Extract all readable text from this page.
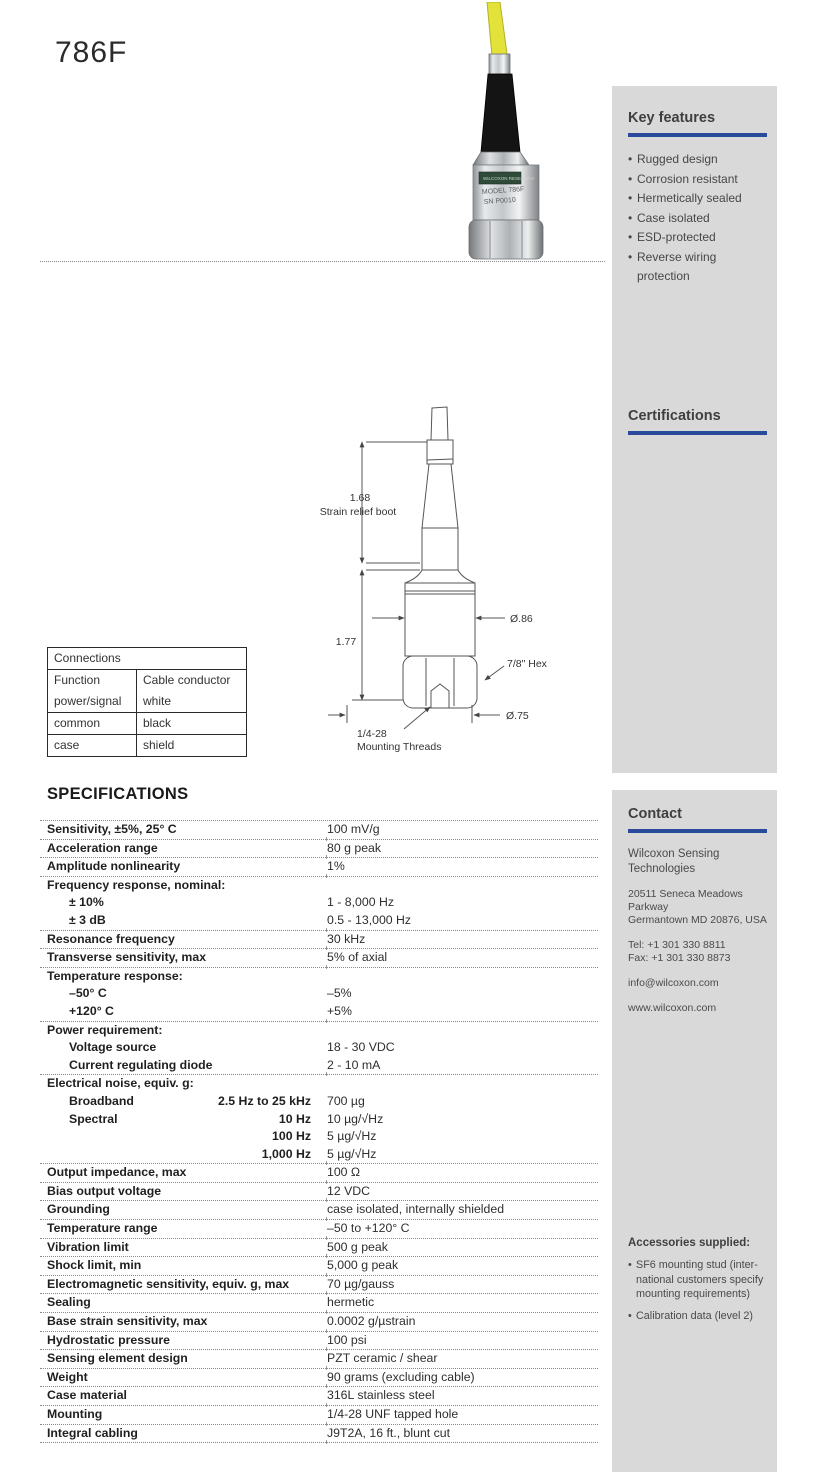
786F
WILCOXON RESEARCH
MODEL 786F
SN P0010
Key features
• Rugged design
• Corrosion resistant
• Hermetically sealed
• Case isolated
• ESD-protected
• Reverse wiring protection
Certifications
Contact
Wilcoxon Sensing Technologies
20511 Seneca Meadows Parkway
Germantown MD 20876, USA
Tel: +1 301 330 8811
Fax: +1 301 330 8873
info@wilcoxon.com
www.wilcoxon.com
Accessories supplied:
• SF6 mounting stud (inter-national customers specify mounting requirements)
• Calibration data (level 2)
Connections
Function	Cable conductor
power/signal	white
common	black
case	shield
1.68
Strain relief boot
1.77
Ø.86
7/8" Hex
Ø.75
1/4-28
Mounting Threads
SPECIFICATIONS
Sensitivity, ±5%, 25° C	100 mV/g
Acceleration range	80 g peak
Amplitude nonlinearity	1%
Frequency response, nominal:
± 10%	1 - 8,000 Hz
± 3 dB	0.5 - 13,000 Hz
Resonance frequency	30 kHz
Transverse sensitivity, max	5% of axial
Temperature response:
–50° C	–5%
+120° C	+5%
Power requirement:
Voltage source	18 - 30 VDC
Current regulating diode	2 - 10 mA
Electrical noise, equiv. g:
Broadband	2.5 Hz to 25 kHz 700 µg
Spectral	10 Hz 10 µg/√Hz
100 Hz 5 µg/√Hz
1,000 Hz 5 µg/√Hz
Output impedance, max	100 Ω
Bias output voltage	12 VDC
Grounding	case isolated, internally shielded
Temperature range	–50 to +120° C
Vibration limit	500 g peak
Shock limit, min	5,000 g peak
Electromagnetic sensitivity, equiv. g, max	70 µg/gauss
Sealing	hermetic
Base strain sensitivity, max	0.0002 g/µstrain
Hydrostatic pressure	100 psi
Sensing element design	PZT ceramic / shear
Weight	90 grams (excluding cable)
Case material	316L stainless steel
Mounting	1/4-28 UNF tapped hole
Integral cabling	J9T2A, 16 ft., blunt cut
